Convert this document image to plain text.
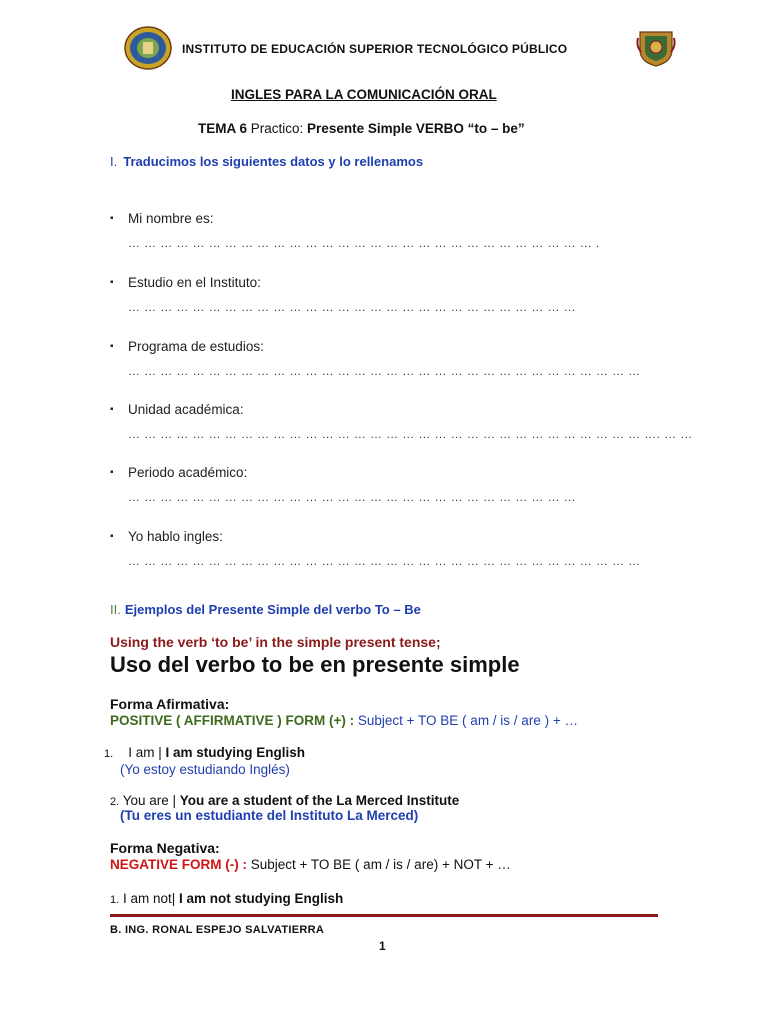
INSTITUTO DE EDUCACIÓN SUPERIOR TECNOLÓGICO PÚBLICO
INGLES PARA LA COMUNICACIÓN ORAL
TEMA 6 Practico: Presente Simple VERBO “to – be”
I. Traducimos los siguientes datos y lo rellenamos
▪ Mi nombre es:
… … … … … … … … … … … … … … … … … … … … … … … … … … … … … .
▪ Estudio en el Instituto:
… … … … … … … … … … … … … … … … … … … … … … … … … … … …
▪ Programa de estudios:
… … … … … … … … … … … … … … … … … … … … … … … … … … … … … … … …
▪ Unidad académica:
… … … … … … … … … … … … … … … … … … … … … … … … … … … … … … … … …. … …
▪ Periodo académico:
… … … … … … … … … … … … … … … … … … … … … … … … … … … …
▪ Yo hablo ingles:
… … … … … … … … … … … … … … … … … … … … … … … … … … … … … … … …
II. Ejemplos del Presente Simple del verbo To – Be
Using the verb ‘to be’ in the simple present tense;
Uso del verbo to be en presente simple
Forma Afirmativa:
POSITIVE ( AFFIRMATIVE ) FORM (+) : Subject + TO BE ( am / is / are ) + …
1. I am | I am studying English
(Yo estoy estudiando Inglés)
2. You are | You are a student of the La Merced Institute
(Tu eres un estudiante del Instituto La Merced)
Forma Negativa:
NEGATIVE FORM (-) : Subject + TO BE ( am / is / are) + NOT + …
1. I am not| I am not studying English
B. ING. RONAL ESPEJO SALVATIERRA
1
